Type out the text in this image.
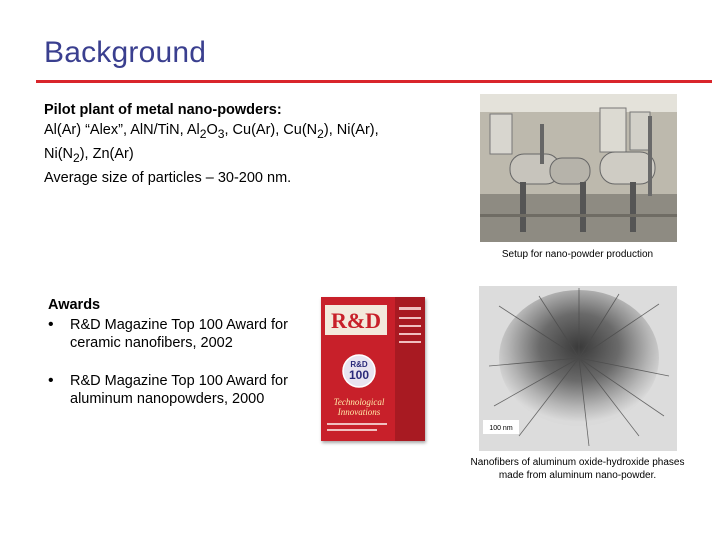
Background
Pilot plant of metal nano-powders:
Al(Ar) “Alex”, AlN/TiN, $Al_2O_3$, Cu(Ar), $Cu(N_2)$, Ni(Ar),
$Ni(N_2)$, Zn(Ar)
Average size of particles – 30-200 nm.
Setup for nano-powder production
Awards
• R&D Magazine Top 100 Award for ceramic nanofibers, 2002
• R&D Magazine Top 100 Award for aluminum nanopowders, 2000
R&D
R&D
100
Technological
Innovations
100 nm
Nanofibers of aluminum oxide-hydroxide phases made from aluminum nano-powder.
